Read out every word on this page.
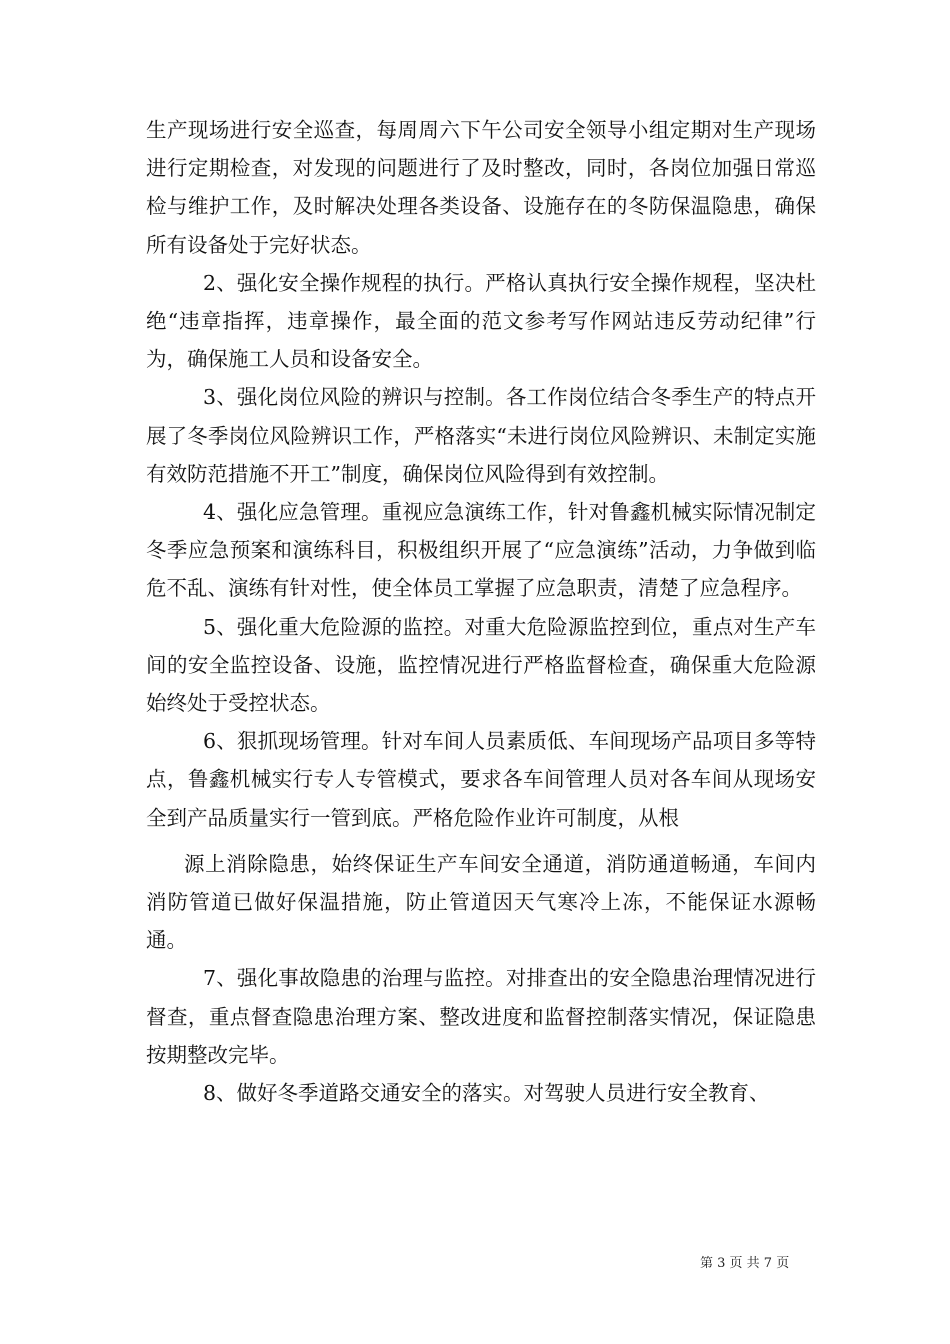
生产现场进行安全巡查，每周周六下午公司安全领导小组定期对生产现场进行定期检查，对发现的问题进行了及时整改，同时，各岗位加强日常巡检与维护工作，及时解决处理各类设备、设施存在的冬防保温隐患，确保所有设备处于完好状态。

2、强化安全操作规程的执行。严格认真执行安全操作规程，坚决杜绝“违章指挥，违章操作，最全面的范文参考写作网站违反劳动纪律”行为，确保施工人员和设备安全。

3、强化岗位风险的辨识与控制。各工作岗位结合冬季生产的特点开展了冬季岗位风险辨识工作，严格落实“未进行岗位风险辨识、未制定实施有效防范措施不开工”制度，确保岗位风险得到有效控制。

4、强化应急管理。重视应急演练工作，针对鲁鑫机械实际情况制定冬季应急预案和演练科目，积极组织开展了“应急演练”活动，力争做到临危不乱、演练有针对性，使全体员工掌握了应急职责，清楚了应急程序。

5、强化重大危险源的监控。对重大危险源监控到位，重点对生产车间的安全监控设备、设施，监控情况进行严格监督检查，确保重大危险源始终处于受控状态。

6、狠抓现场管理。针对车间人员素质低、车间现场产品项目多等特点，鲁鑫机械实行专人专管模式，要求各车间管理人员对各车间从现场安全到产品质量实行一管到底。严格危险作业许可制度，从根

源上消除隐患，始终保证生产车间安全通道，消防通道畅通，车间内消防管道已做好保温措施，防止管道因天气寒冷上冻，不能保证水源畅通。

7、强化事故隐患的治理与监控。对排查出的安全隐患治理情况进行督查，重点督查隐患治理方案、整改进度和监督控制落实情况，保证隐患按期整改完毕。

8、做好冬季道路交通安全的落实。对驾驶人员进行安全教育、

第 3 页 共 7 页
